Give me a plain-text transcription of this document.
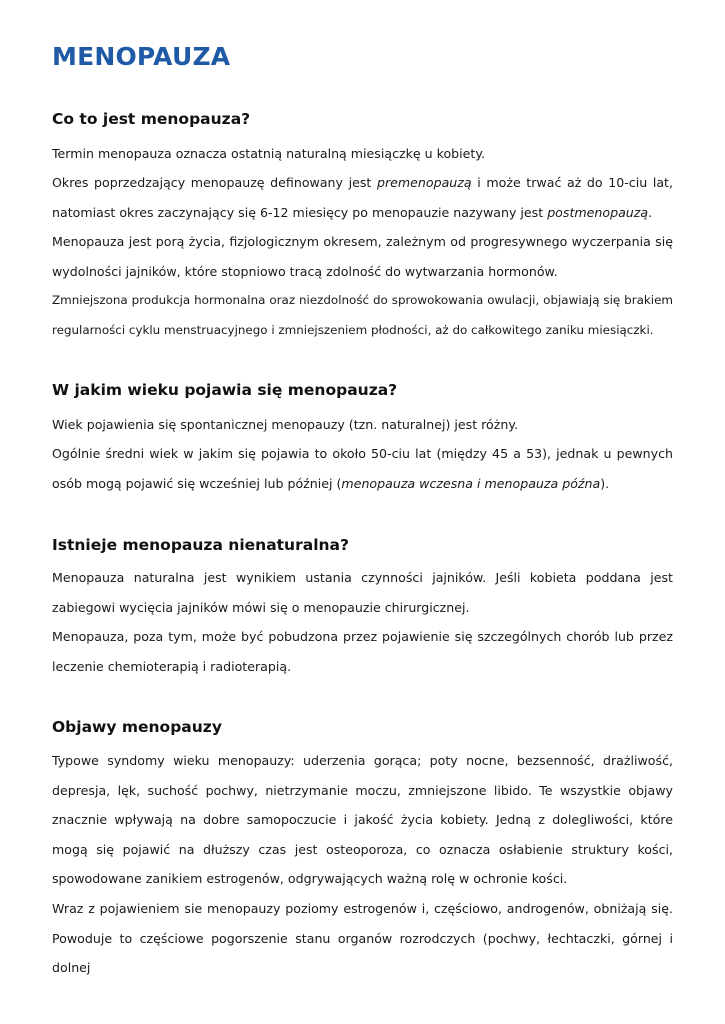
MENOPAUZA
Co to jest menopauza?

Termin menopauza oznacza ostatnią naturalną miesiączkę u kobiety.

Okres poprzedzający menopauzę definowany jest premenopauzą i może trwać aż do 10-ciu lat, natomiast okres zaczynający się 6-12 miesięcy po menopauzie nazywany jest postmenopauzą.

Menopauza jest porą życia, fizjologicznym okresem, zależnym od progresywnego wyczerpania się wydolności jajników, które stopniowo tracą zdolność do wytwarzania hormonów.

Zmniejszona produkcja hormonalna oraz niezdolność do sprowokowania owulacji, objawiają się brakiem regularności cyklu menstruacyjnego i zmniejszeniem płodności, aż do całkowitego zaniku miesiączki.

W jakim wieku pojawia się menopauza?

Wiek pojawienia się spontanicznej menopauzy (tzn. naturalnej) jest różny.

Ogólnie średni wiek w jakim się pojawia to około 50-ciu lat (między 45 a 53), jednak u pewnych osób mogą pojawić się wcześniej lub później (menopauza wczesna i menopauza późna).

Istnieje menopauza nienaturalna?

Menopauza naturalna jest wynikiem ustania czynności jajników. Jeśli kobieta poddana jest zabiegowi wycięcia jajników mówi się o menopauzie chirurgicznej.

Menopauza, poza tym, może być pobudzona przez pojawienie się szczególnych chorób lub przez leczenie chemioterapią i radioterapią.

Objawy menopauzy

Typowe syndomy wieku menopauzy: uderzenia gorąca; poty nocne, bezsenność, drażliwość, depresja, lęk, suchość pochwy, nietrzymanie moczu, zmniejszone libido. Te wszystkie objawy znacznie wpływają na dobre samopoczucie i jakość życia kobiety. Jedną z dolegliwości, które mogą się pojawić na dłuższy czas jest osteoporoza, co oznacza osłabienie struktury kości, spowodowane zanikiem estrogenów, odgrywających ważną rolę w ochronie kości.

Wraz z pojawieniem sie menopauzy poziomy estrogenów i, częściowo, androgenów, obniżają się. Powoduje to częściowe pogorszenie stanu organów rozrodczych (pochwy, łechtaczki, górnej i dolnej
